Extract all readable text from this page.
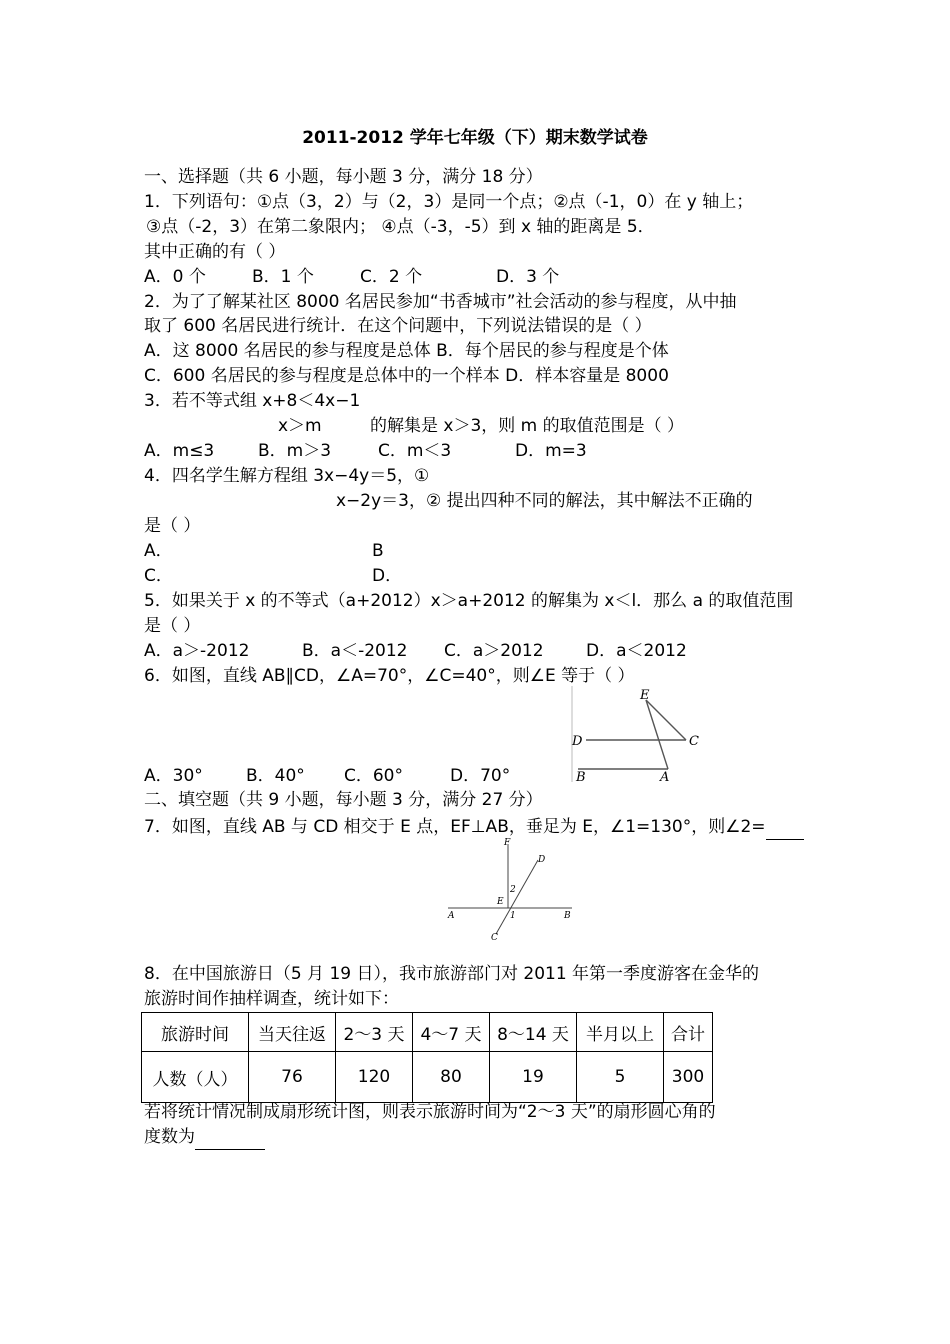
2011-2012 学年七年级（下）期末数学试卷
一、选择题（共 6 小题，每小题 3 分，满分 18 分）
1．下列语句：①点（3，2）与（2，3）是同一个点；②点（-1，0）在 y 轴上；
③点（-2，3）在第二象限内； ④点（-3，-5）到 x 轴的距离是 5．
其中正确的有（ ）
A．0 个	B．1 个	C．2 个	D．3 个
2．为了了解某社区 8000 名居民参加“书香城市”社会活动的参与程度，从中抽
取了 600 名居民进行统计．在这个问题中，下列说法错误的是（ ）
A．这 8000 名居民的参与程度是总体 B．每个居民的参与程度是个体
C．600 名居民的参与程度是总体中的一个样本 D．样本容量是 8000
3．若不等式组 x+8＜4x−1
x＞m	的解集是 x＞3，则 m 的取值范围是（ ）
A．m≤3	B．m＞3	C．m＜3	D．m=3
4．四名学生解方程组 3x−4y＝5，①
x−2y＝3，② 提出四种不同的解法，其中解法不正确的
是（ ）
A．	B
C．	D．
5．如果关于 x 的不等式（a+2012）x＞a+2012 的解集为 x＜l．那么 a 的取值范围
是（ ）
A．a＞-2012	B．a＜-2012 C．a＞2012 D．a＜2012
6．如图，直线 AB∥CD，∠A=70°，∠C=40°，则∠E 等于（ ）
E
D	C
B	A
A．30°	B．40° C．60°	D．70°
二、填空题（共 9 小题，每小题 3 分，满分 27 分）
7．如图，直线 AB 与 CD 相交于 E 点，EF⊥AB，垂足为 E，∠1=130°，则∠2=
F
D
2
E
1
A	B
C
8．在中国旅游日（5 月 19 日），我市旅游部门对 2011 年第一季度游客在金华的
旅游时间作抽样调查，统计如下：
旅游时间	当天往返	2～3 天	4～7 天	8～14 天	半月以上	合计
人数（人）	76	120	80	19	5	300
若将统计情况制成扇形统计图，则表示旅游时间为“2～3 天”的扇形圆心角的
度数为
